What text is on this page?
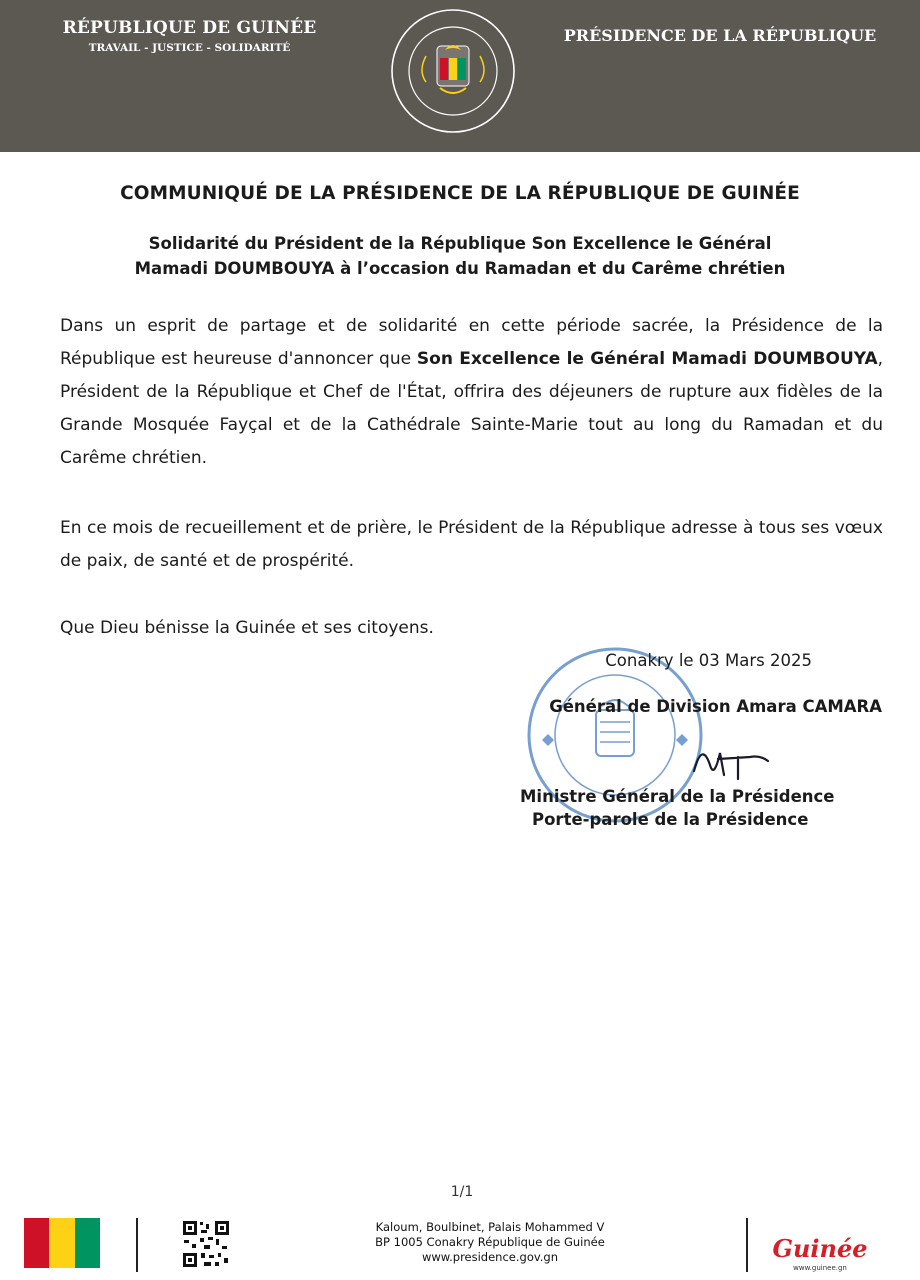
RÉPUBLIQUE DE GUINÉE
TRAVAIL - JUSTICE - SOLIDARITÉ
PRÉSIDENCE DE LA RÉPUBLIQUE
COMMUNIQUÉ DE LA PRÉSIDENCE DE LA RÉPUBLIQUE DE GUINÉE
Solidarité du Président de la République Son Excellence le Général
Mamadi DOUMBOUYA à l’occasion du Ramadan et du Carême chrétien
Dans un esprit de partage et de solidarité en cette période sacrée, la Présidence de la République est heureuse d'annoncer que Son Excellence le Général Mamadi DOUMBOUYA, Président de la République et Chef de l'État, offrira des déjeuners de rupture aux fidèles de la Grande Mosquée Fayçal et de la Cathédrale Sainte-Marie tout au long du Ramadan et du Carême chrétien.
En ce mois de recueillement et de prière, le Président de la République adresse à tous ses vœux de paix, de santé et de prospérité.
Que Dieu bénisse la Guinée et ses citoyens.
Conakry le 03 Mars 2025
Général de Division Amara CAMARA
Ministre Général de la Présidence
Porte-parole de la Présidence
1/1
Kaloum, Boulbinet, Palais Mohammed V
BP 1005 Conakry République de Guinée
www.presidence.gov.gn	Guinée
www.guinee.gn
